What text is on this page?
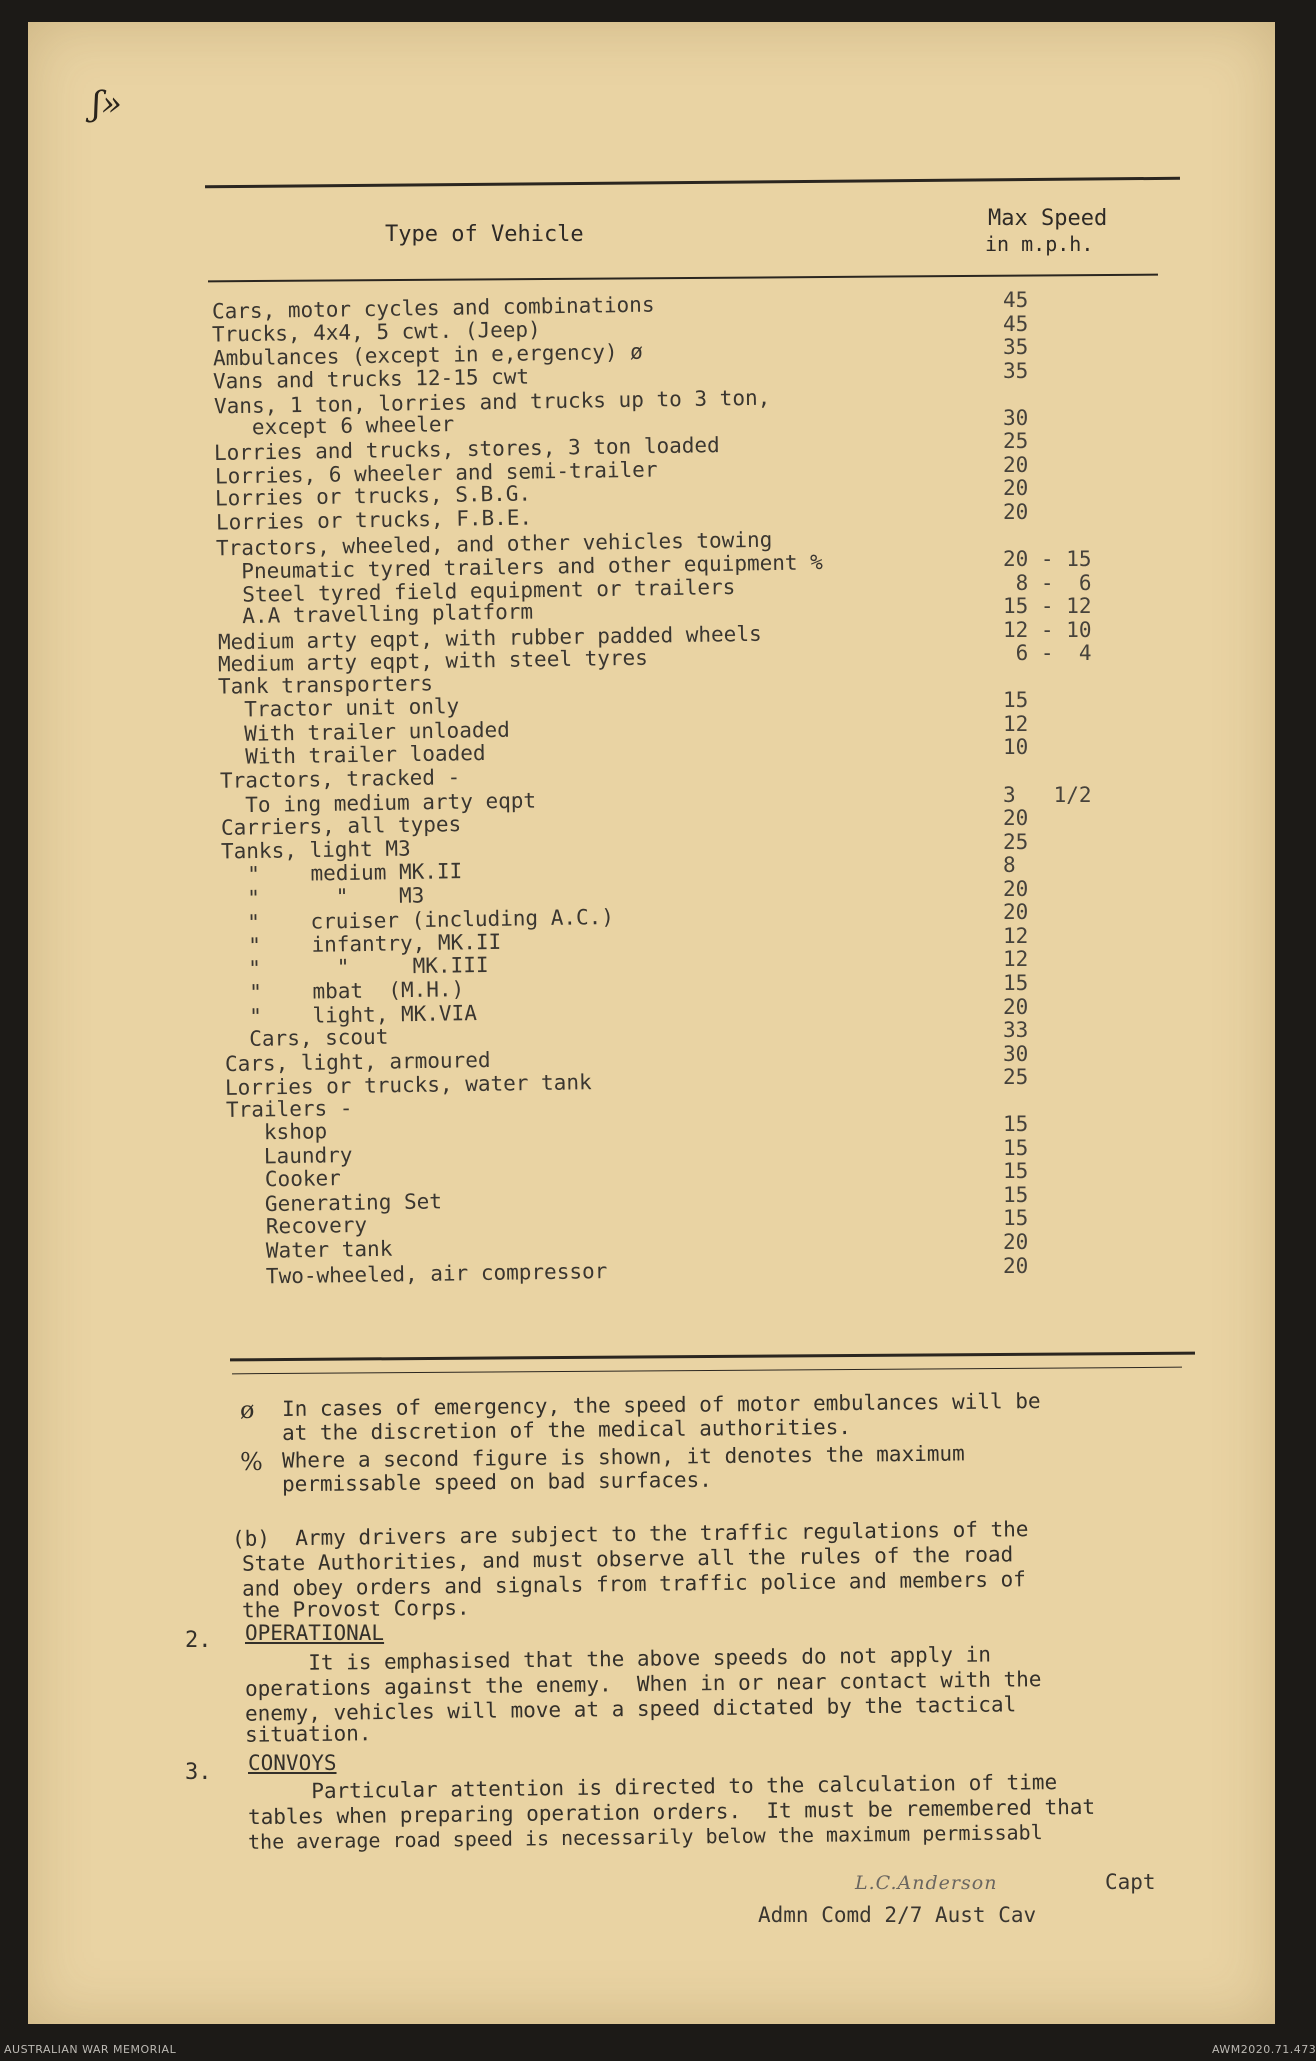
ʃ»
Type of Vehicle
Max Speed
in m.p.h.
Cars, motor cycles and combinations	45
Trucks, 4x4, 5 cwt. (Jeep)	45
Ambulances (except in e,ergency) ø	35
Vans and trucks 12-15 cwt	35
Vans, 1 ton, lorries and trucks up to 3 ton,
except 6 wheeler	30
Lorries and trucks, stores, 3 ton loaded	25
Lorries, 6 wheeler and semi-trailer	20
Lorries or trucks, S.B.G.	20
Lorries or trucks, F.B.E.	20
Tractors, wheeled, and other vehicles towing
Pneumatic tyred trailers and other equipment %	20 - 15
Steel tyred field equipment or trailers	8 -  6
A.A travelling platform	15 - 12
Medium arty eqpt, with rubber padded wheels	12 - 10
Medium arty eqpt, with steel tyres	6 -  4
Tank transporters
Tractor unit only	15
With trailer unloaded	12
With trailer loaded	10
Tractors, tracked -
To ing medium arty eqpt	3   1/2
Carriers, all types	20
Tanks, light M3	25
"    medium MK.II	8
"      "    M3	20
"    cruiser (including A.C.)	20
"    infantry, MK.II	12
"      "     MK.III	12
"    mbat  (M.H.)	15
"    light, MK.VIA	20
Cars, scout	33
Cars, light, armoured	30
Lorries or trucks, water tank	25
Trailers -
kshop	15
Laundry	15
Cooker	15
Generating Set	15
Recovery	15
Water tank	20
Two-wheeled, air compressor	20
ø In cases of emergency, the speed of motor embulances will be
at the discretion of the medical authorities.
% Where a second figure is shown, it denotes the maximum
permissable speed on bad surfaces.
(b)  Army drivers are subject to the traffic regulations of the
State Authorities, and must observe all the rules of the road
and obey orders and signals from traffic police and members of
the Provost Corps.
2. OPERATIONAL
It is emphasised that the above speeds do not apply in
operations against the enemy.  When in or near contact with the
enemy, vehicles will move at a speed dictated by the tactical
situation.
3. CONVOYS
Particular attention is directed to the calculation of time
tables when preparing operation orders.  It must be remembered that
the average road speed is necessarily below the maximum permissabl
L.C.Anderson	Capt
Admn Comd 2/7 Aust Cav
AUSTRALIAN WAR MEMORIAL	AWM2020.71.473
